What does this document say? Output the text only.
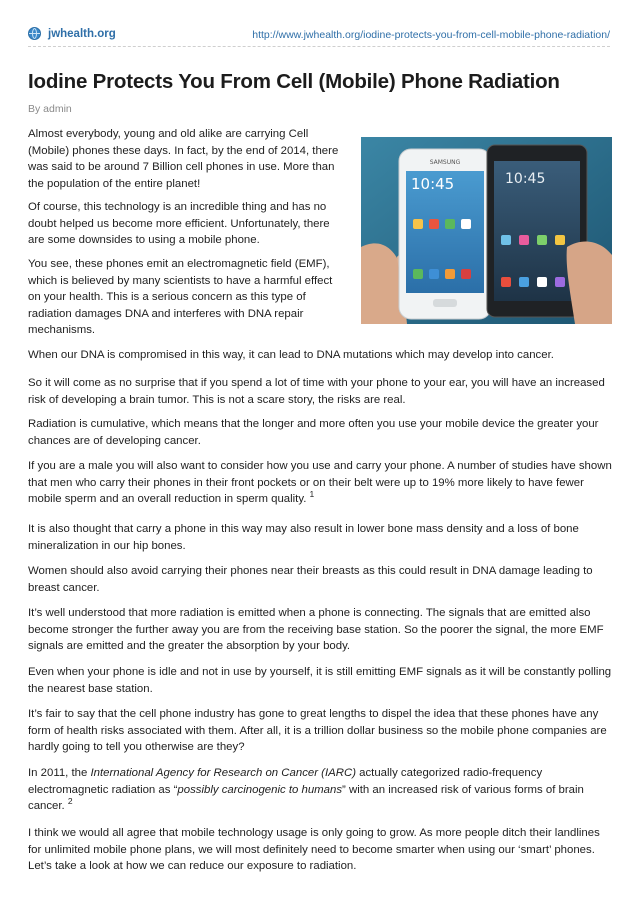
jwhealth.org	http://www.jwhealth.org/iodine-protects-you-from-cell-mobile-phone-radiation/
Iodine Protects You From Cell (Mobile) Phone Radiation
By admin
SAMSUNG
10:45	10:45

Almost everybody, young and old alike are carrying Cell (Mobile) phones these days. In fact, by the end of 2014, there was said to be around 7 Billion cell phones in use. More than the population of the entire planet!

Of course, this technology is an incredible thing and has no doubt helped us become more efficient. Unfortunately, there are some downsides to using a mobile phone.

You see, these phones emit an electromagnetic field (EMF), which is believed by many scientists to have a harmful effect on your health. This is a serious concern as this type of radiation damages DNA and interferes with DNA repair mechanisms.

When our DNA is compromised in this way, it can lead to DNA mutations which may develop into cancer.

So it will come as no surprise that if you spend a lot of time with your phone to your ear, you will have an increased risk of developing a brain tumor. This is not a scare story, the risks are real.

Radiation is cumulative, which means that the longer and more often you use your mobile device the greater your chances are of developing cancer.

If you are a male you will also want to consider how you use and carry your phone. A number of studies have shown that men who carry their phones in their front pockets or on their belt were up to 19% more likely to have fewer mobile sperm and an overall reduction in sperm quality. $^1$

It is also thought that carry a phone in this way may also result in lower bone mass density and a loss of bone mineralization in our hip bones.

Women should also avoid carrying their phones near their breasts as this could result in DNA damage leading to breast cancer.

It’s well understood that more radiation is emitted when a phone is connecting. The signals that are emitted also become stronger the further away you are from the receiving base station. So the poorer the signal, the more EMF signals are emitted and the greater the absorption by your body.

Even when your phone is idle and not in use by yourself, it is still emitting EMF signals as it will be constantly polling the nearest base station.

It’s fair to say that the cell phone industry has gone to great lengths to dispel the idea that these phones have any form of health risks associated with them. After all, it is a trillion dollar business so the mobile phone companies are hardly going to tell you otherwise are they?

In 2011, the International Agency for Research on Cancer (IARC) actually categorized radio-frequency electromagnetic radiation as “possibly carcinogenic to humans” with an increased risk of various forms of brain cancer. $^2$

I think we would all agree that mobile technology usage is only going to grow. As more people ditch their landlines for unlimited mobile phone plans, we will most definitely need to become smarter when using our ‘smart’ phones. Let’s take a look at how we can reduce our exposure to radiation.
